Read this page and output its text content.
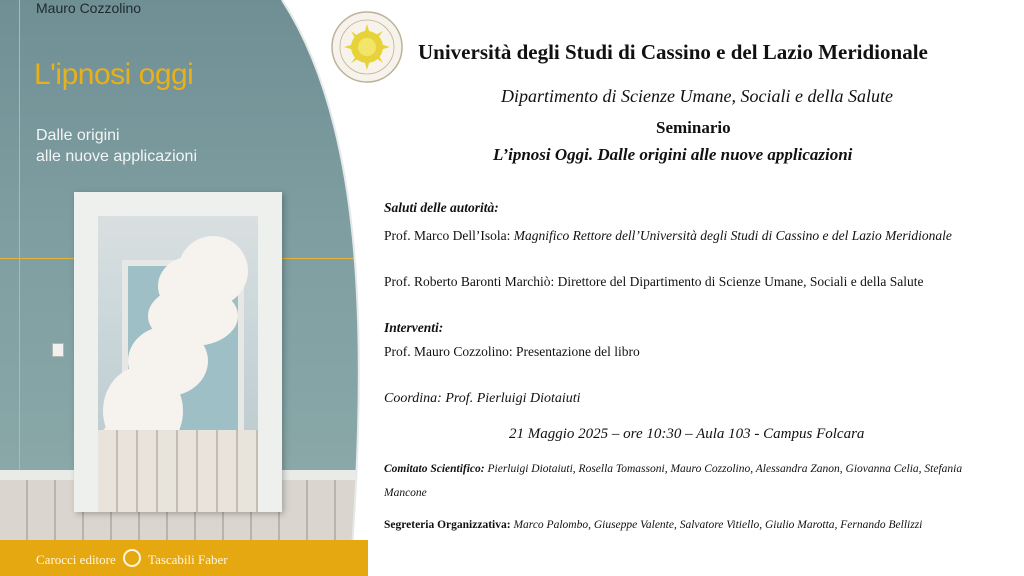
Mauro Cozzolino
L'ipnosi oggi
Dalle origini
alle nuove applicazioni
Carocci editore Tascabili Faber
Università degli Studi di Cassino e del Lazio Meridionale
Dipartimento di Scienze Umane, Sociali e della Salute
Seminario
L’ipnosi Oggi. Dalle origini alle nuove applicazioni
Saluti delle autorità:
Prof. Marco Dell’Isola: Magnifico Rettore dell’Università degli Studi di Cassino e del Lazio Meridionale
Prof. Roberto Baronti Marchiò: Direttore del Dipartimento di Scienze Umane, Sociali e della Salute
Interventi:
Prof. Mauro Cozzolino: Presentazione del libro
Coordina: Prof. Pierluigi Diotaiuti
21 Maggio 2025 – ore 10:30 – Aula 103 - Campus Folcara
Comitato Scientifico: Pierluigi Diotaiuti, Rosella Tomassoni, Mauro Cozzolino, Alessandra Zanon, Giovanna Celia, Stefania Mancone
Segreteria Organizzativa: Marco Palombo, Giuseppe Valente, Salvatore Vitiello, Giulio Marotta, Fernando Bellizzi
